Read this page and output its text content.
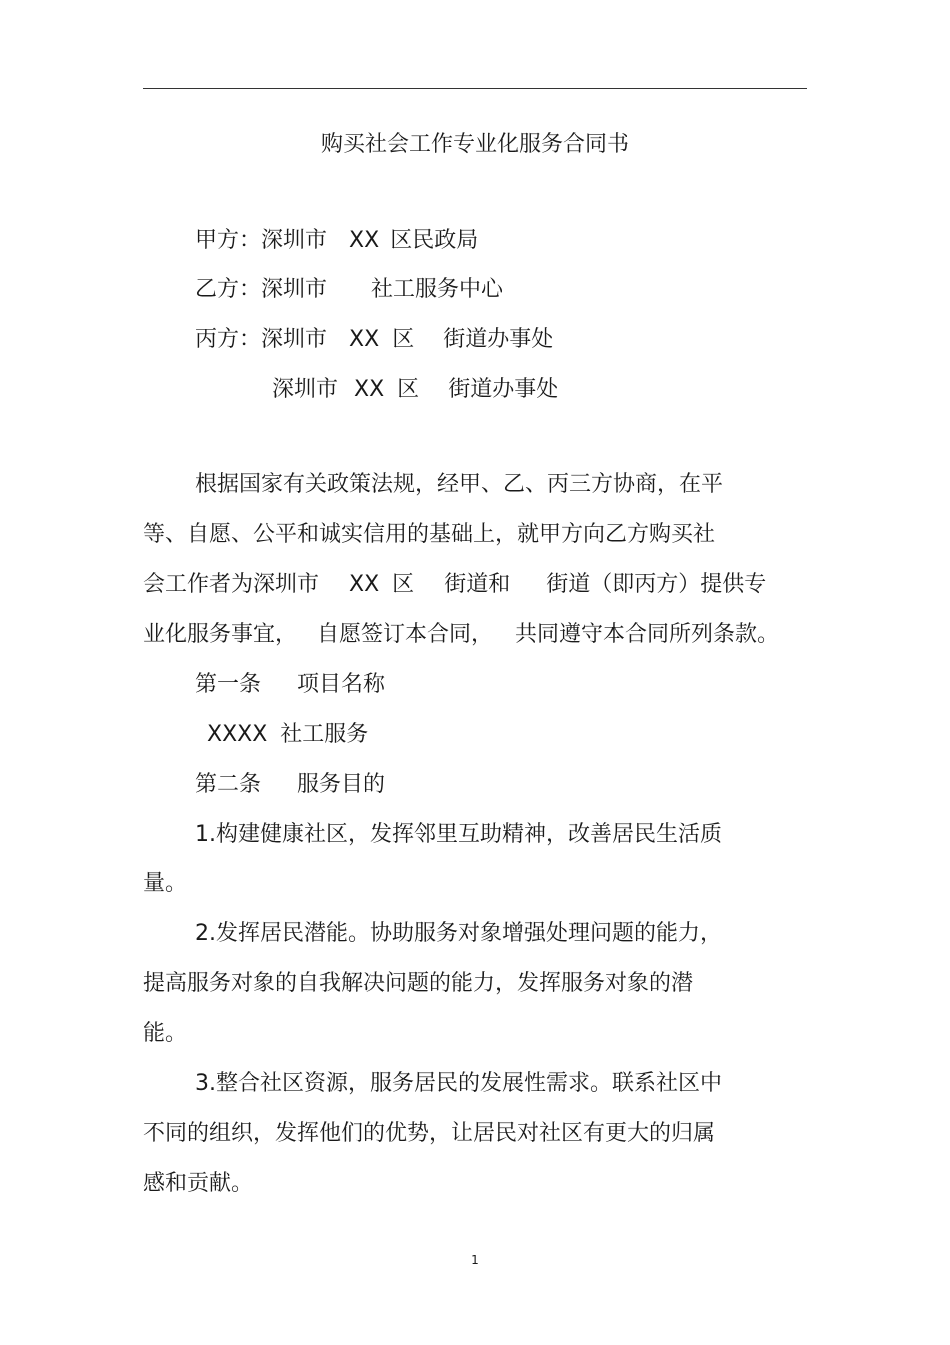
购买社会工作专业化服务合同书
甲方：深圳市 XX 区民政局
乙方：深圳市 社工服务中心
丙方：深圳市 XX 区 街道办事处
深圳市 XX 区 街道办事处
根据国家有关政策法规，经甲、乙、丙三方协商，在平
等、自愿、公平和诚实信用的基础上，就甲方向乙方购买社
会工作者为深圳市 XX 区 街道和 街道（即丙方）提供专
业化服务事宜， 自愿签订本合同， 共同遵守本合同所列条款。
第一条 项目名称
XXXX 社工服务
第二条 服务目的
1.构建健康社区，发挥邻里互助精神，改善居民生活质
量。
2.发挥居民潜能。协助服务对象增强处理问题的能力，
提高服务对象的自我解决问题的能力，发挥服务对象的潜
能。
3.整合社区资源，服务居民的发展性需求。联系社区中
不同的组织，发挥他们的优势，让居民对社区有更大的归属
感和贡献。
1
